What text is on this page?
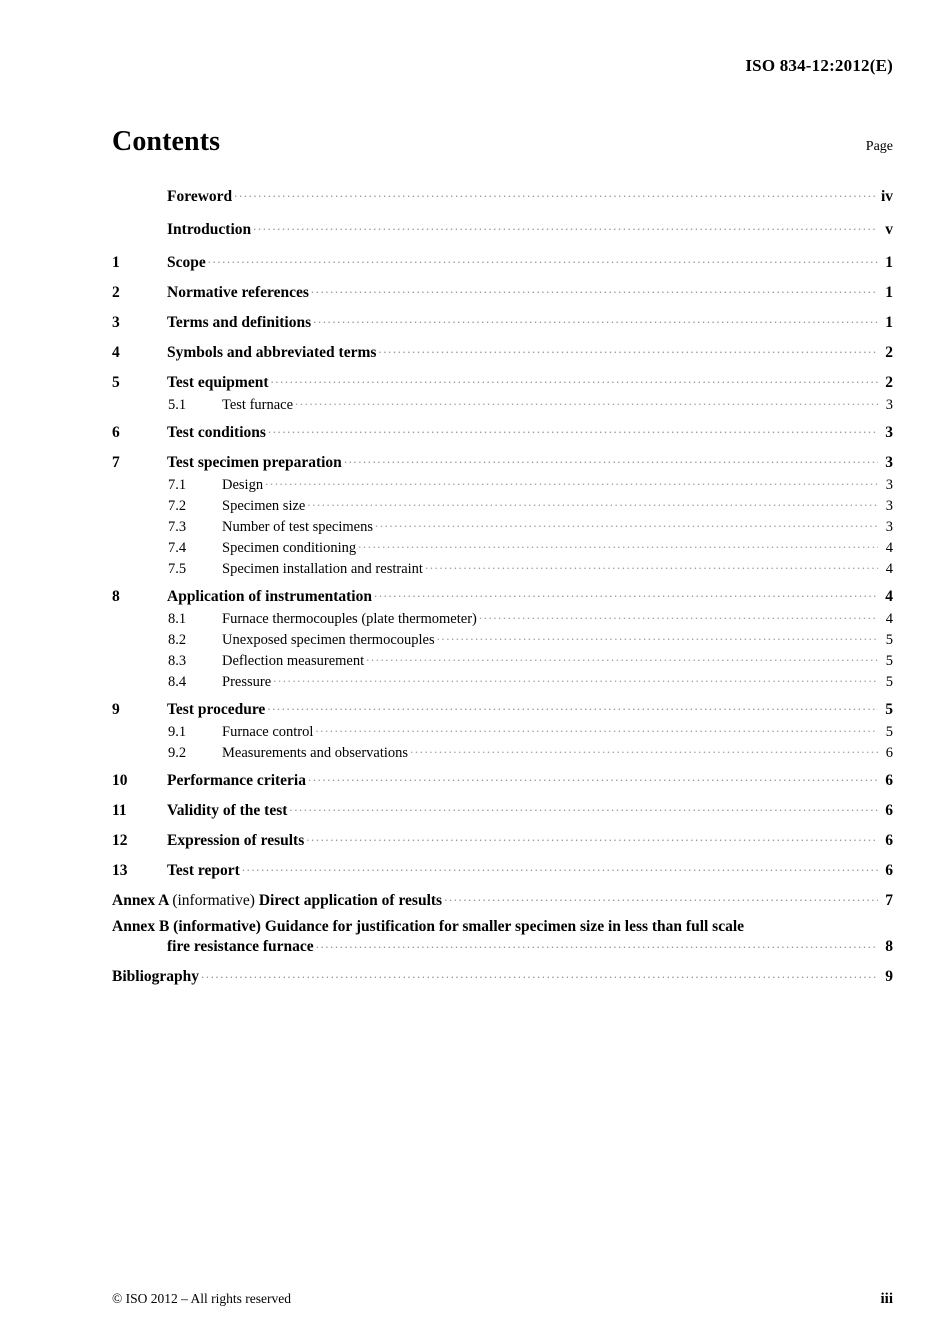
ISO 834-12:2012(E)
Contents	Page
Foreword .....	iv
Introduction .....	v
1	Scope .....	1
2	Normative references .....	1
3	Terms and definitions .....	1
4	Symbols and abbreviated terms .....	2
5	Test equipment .....	2
5.1	Test furnace .....	3
6	Test conditions .....	3
7	Test specimen preparation .....	3
7.1	Design .....	3
7.2	Specimen size .....	3
7.3	Number of test specimens .....	3
7.4	Specimen conditioning .....	4
7.5	Specimen installation and restraint .....	4
8	Application of instrumentation .....	4
8.1	Furnace thermocouples (plate thermometer) .....	4
8.2	Unexposed specimen thermocouples .....	5
8.3	Deflection measurement .....	5
8.4	Pressure .....	5
9	Test procedure .....	5
9.1	Furnace control .....	5
9.2	Measurements and observations .....	6
10	Performance criteria .....	6
11	Validity of the test .....	6
12	Expression of results .....	6
13	Test report .....	6
Annex A (informative) Direct application of results .....	7
Annex B (informative) Guidance for justification for smaller specimen size in less than full scale
fire resistance furnace .....	8
Bibliography .....	9
© ISO 2012 – All rights reserved	iii
